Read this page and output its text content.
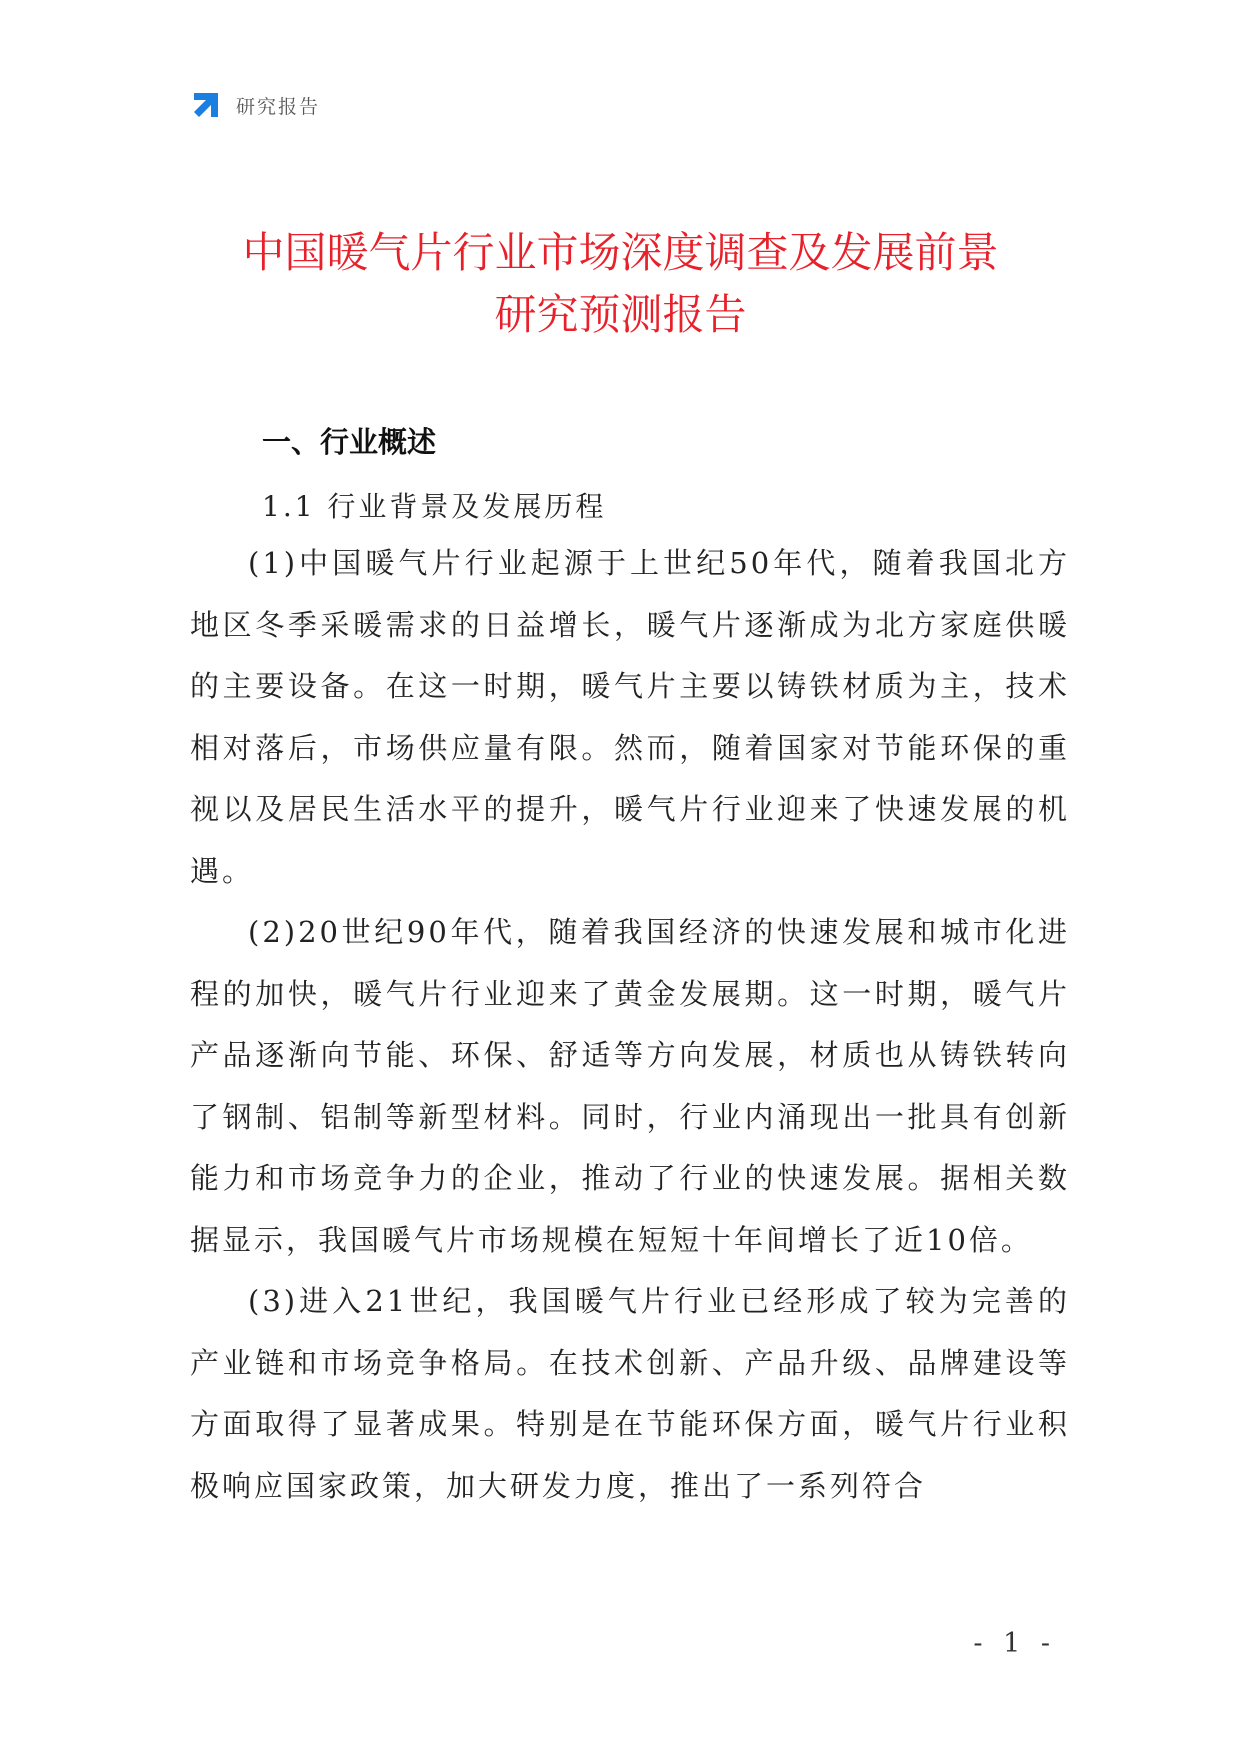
研究报告
中国暖气片行业市场深度调查及发展前景
研究预测报告
一、行业概述
1.1 行业背景及发展历程

(1)中国暖气片行业起源于上世纪50年代，随着我国北方地区冬季采暖需求的日益增长，暖气片逐渐成为北方家庭供暖的主要设备。在这一时期，暖气片主要以铸铁材质为主，技术相对落后，市场供应量有限。然而，随着国家对节能环保的重视以及居民生活水平的提升，暖气片行业迎来了快速发展的机遇。

(2)20世纪90年代，随着我国经济的快速发展和城市化进程的加快，暖气片行业迎来了黄金发展期。这一时期，暖气片产品逐渐向节能、环保、舒适等方向发展，材质也从铸铁转向了钢制、铝制等新型材料。同时，行业内涌现出一批具有创新能力和市场竞争力的企业，推动了行业的快速发展。据相关数据显示，我国暖气片市场规模在短短十年间增长了近10倍。

(3)进入21世纪，我国暖气片行业已经形成了较为完善的产业链和市场竞争格局。在技术创新、产品升级、品牌建设等方面取得了显著成果。特别是在节能环保方面，暖气片行业积极响应国家政策，加大研发力度，推出了一系列符合

- 1 -
